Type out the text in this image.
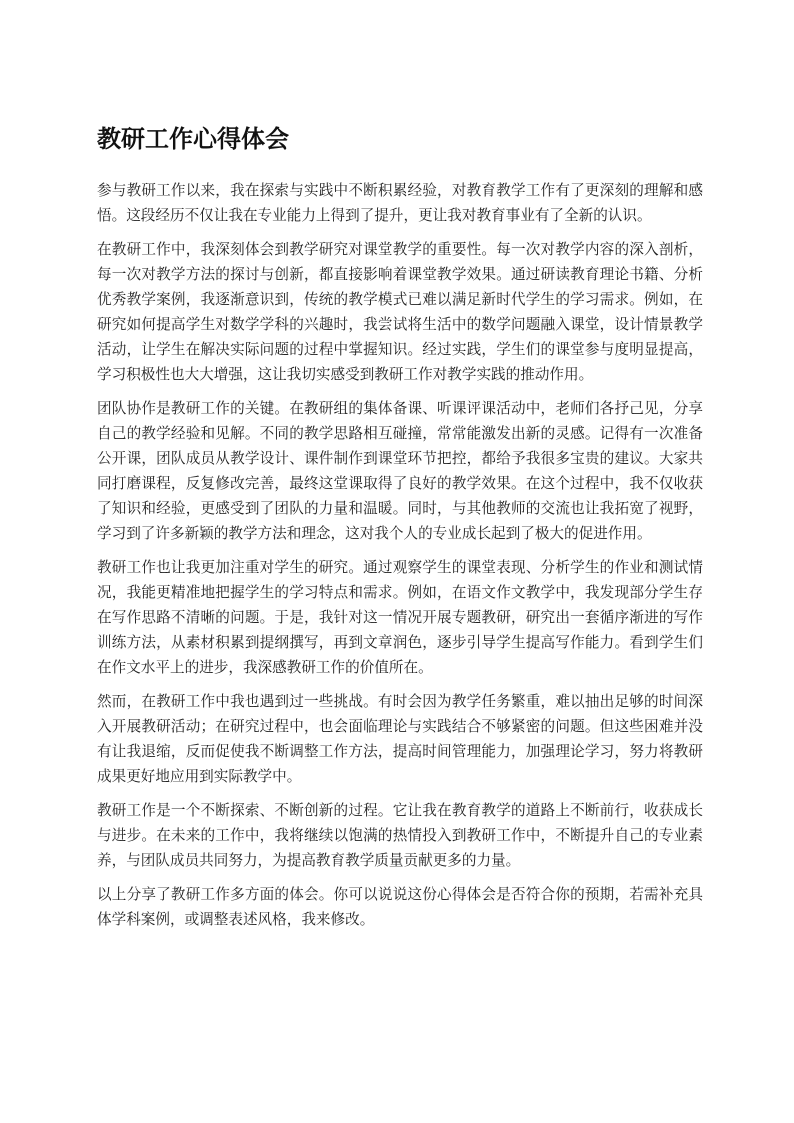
教研工作心得体会

参与教研工作以来，我在探索与实践中不断积累经验，对教育教学工作有了更深刻的理解和感悟。这段经历不仅让我在专业能力上得到了提升，更让我对教育事业有了全新的认识。

在教研工作中，我深刻体会到教学研究对课堂教学的重要性。每一次对教学内容的深入剖析，每一次对教学方法的探讨与创新，都直接影响着课堂教学效果。通过研读教育理论书籍、分析优秀教学案例，我逐渐意识到，传统的教学模式已难以满足新时代学生的学习需求。例如，在研究如何提高学生对数学学科的兴趣时，我尝试将生活中的数学问题融入课堂，设计情景教学活动，让学生在解决实际问题的过程中掌握知识。经过实践，学生们的课堂参与度明显提高，学习积极性也大大增强，这让我切实感受到教研工作对教学实践的推动作用。

团队协作是教研工作的关键。在教研组的集体备课、听课评课活动中，老师们各抒己见，分享自己的教学经验和见解。不同的教学思路相互碰撞，常常能激发出新的灵感。记得有一次准备公开课，团队成员从教学设计、课件制作到课堂环节把控，都给予我很多宝贵的建议。大家共同打磨课程，反复修改完善，最终这堂课取得了良好的教学效果。在这个过程中，我不仅收获了知识和经验，更感受到了团队的力量和温暖。同时，与其他教师的交流也让我拓宽了视野，学习到了许多新颖的教学方法和理念，这对我个人的专业成长起到了极大的促进作用。

教研工作也让我更加注重对学生的研究。通过观察学生的课堂表现、分析学生的作业和测试情况，我能更精准地把握学生的学习特点和需求。例如，在语文作文教学中，我发现部分学生存在写作思路不清晰的问题。于是，我针对这一情况开展专题教研，研究出一套循序渐进的写作训练方法，从素材积累到提纲撰写，再到文章润色，逐步引导学生提高写作能力。看到学生们在作文水平上的进步，我深感教研工作的价值所在。

然而，在教研工作中我也遇到过一些挑战。有时会因为教学任务繁重，难以抽出足够的时间深入开展教研活动；在研究过程中，也会面临理论与实践结合不够紧密的问题。但这些困难并没有让我退缩，反而促使我不断调整工作方法，提高时间管理能力，加强理论学习，努力将教研成果更好地应用到实际教学中。

教研工作是一个不断探索、不断创新的过程。它让我在教育教学的道路上不断前行，收获成长与进步。在未来的工作中，我将继续以饱满的热情投入到教研工作中，不断提升自己的专业素养，与团队成员共同努力，为提高教育教学质量贡献更多的力量。

以上分享了教研工作多方面的体会。你可以说说这份心得体会是否符合你的预期，若需补充具体学科案例，或调整表述风格，我来修改。
